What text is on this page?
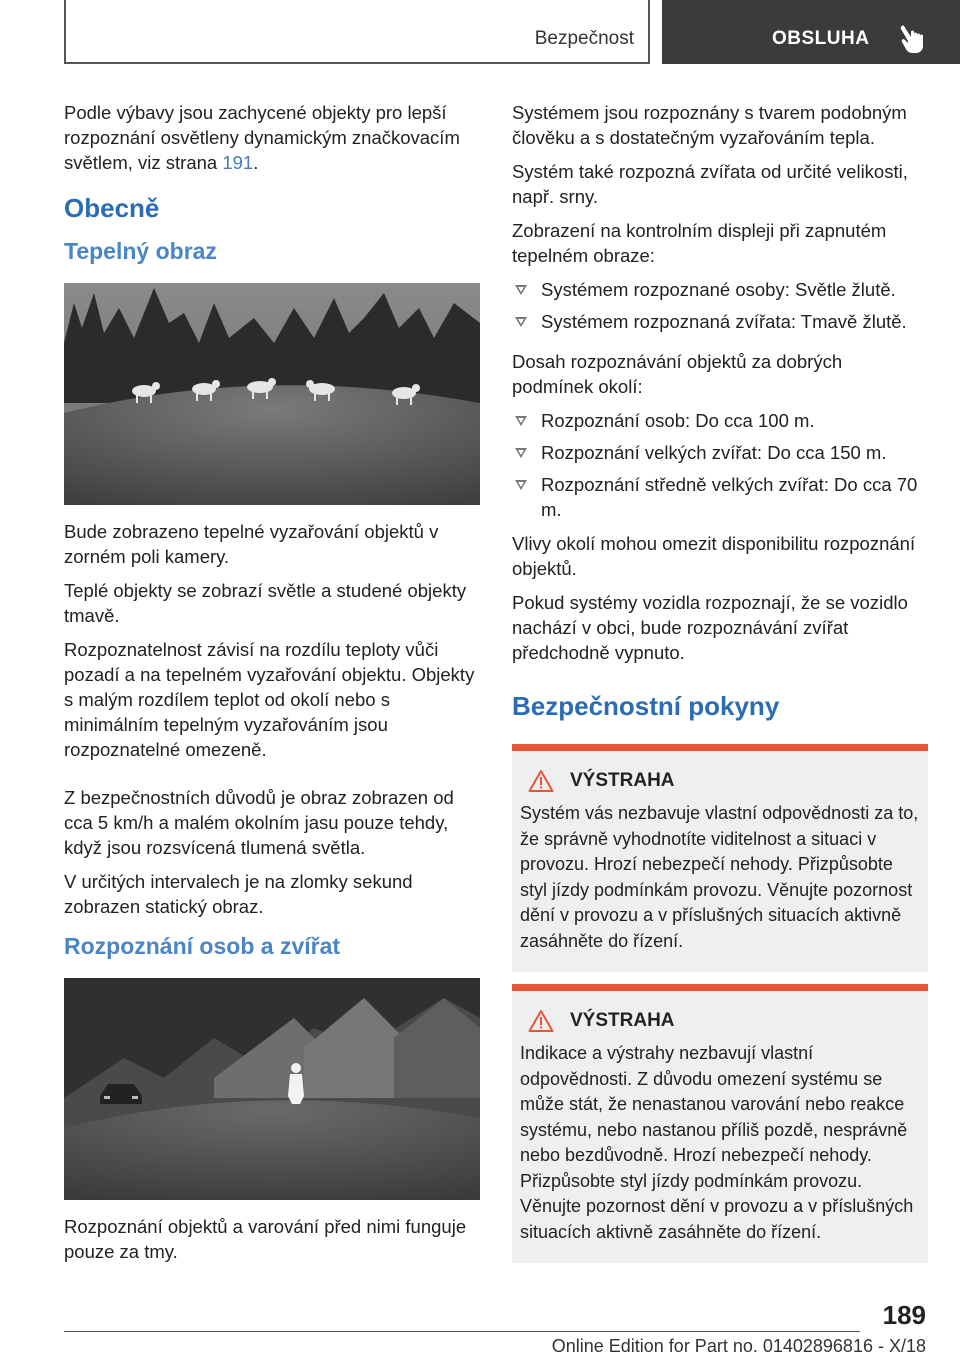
Bezpečnost	OBSLUHA

Podle výbavy jsou zachycené objekty pro lepší rozpoznání osvětleny dynamickým značkovacím světlem, viz strana 191.

Obecně
Tepelný obraz

Bude zobrazeno tepelné vyzařování objektů v zorném poli kamery.

Teplé objekty se zobrazí světle a studené objekty tmavě.

Rozpoznatelnost závisí na rozdílu teploty vůči pozadí a na tepelném vyzařování objektu. Objekty s malým rozdílem teplot od okolí nebo s minimálním tepelným vyzařováním jsou rozpoznatelné omezeně.

Z bezpečnostních důvodů je obraz zobrazen od cca 5 km/h a malém okolním jasu pouze tehdy, když jsou rozsvícená tlumená světla.

V určitých intervalech je na zlomky sekund zobrazen statický obraz.

Rozpoznání osob a zvířat

Rozpoznání objektů a varování před nimi funguje pouze za tmy.

Systémem jsou rozpoznány s tvarem podobným člověku a s dostatečným vyzařováním tepla.

Systém také rozpozná zvířata od určité velikosti, např. srny.

Zobrazení na kontrolním displeji při zapnutém tepelném obraze:

Systémem rozpoznané osoby: Světle žlutě.
Systémem rozpoznaná zvířata: Tmavě žlutě.

Dosah rozpoznávání objektů za dobrých podmínek okolí:

Rozpoznání osob: Do cca 100 m.
Rozpoznání velkých zvířat: Do cca 150 m.
Rozpoznání středně velkých zvířat: Do cca 70 m.

Vlivy okolí mohou omezit disponibilitu rozpoznání objektů.

Pokud systémy vozidla rozpoznají, že se vozidlo nachází v obci, bude rozpoznávání zvířat předchodně vypnuto.

Bezpečnostní pokyny
VÝSTRAHA

Systém vás nezbavuje vlastní odpovědnosti za to, že správně vyhodnotíte viditelnost a situaci v provozu. Hrozí nebezpečí nehody. Přizpůsobte styl jízdy podmínkám provozu. Věnujte pozornost dění v provozu a v příslušných situacích aktivně zasáhněte do řízení.

VÝSTRAHA

Indikace a výstrahy nezbavují vlastní odpovědnosti. Z důvodu omezení systému se může stát, že nenastanou varování nebo reakce systému, nebo nastanou příliš pozdě, nesprávně nebo bezdůvodně. Hrozí nebezpečí nehody. Přizpůsobte styl jízdy podmínkám provozu. Věnujte pozornost dění v provozu a v příslušných situacích aktivně zasáhněte do řízení.

189
Online Edition for Part no. 01402896816 - X/18
